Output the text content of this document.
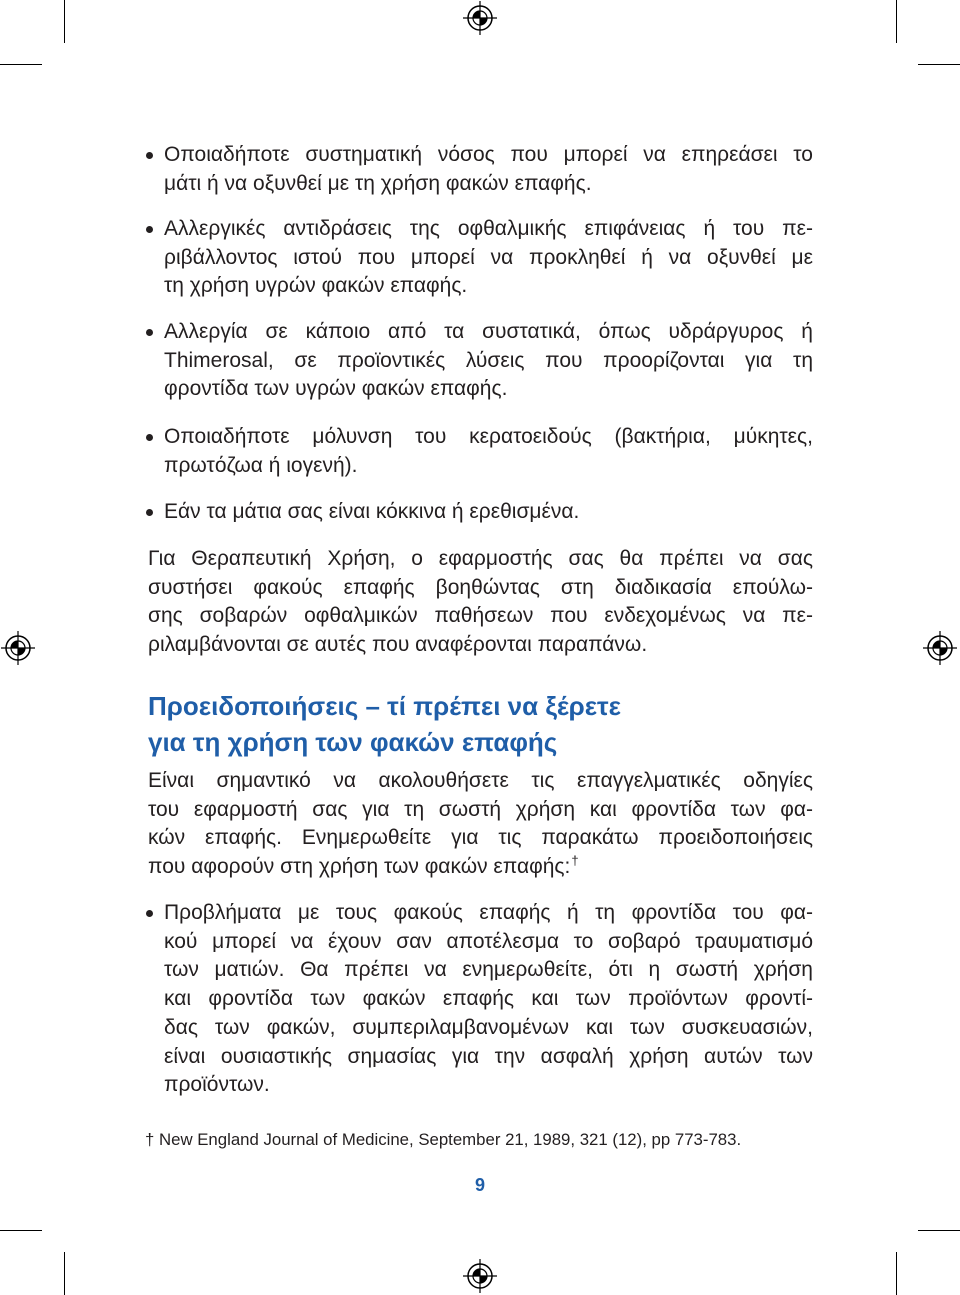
Οποιαδήποτε συστηματική νόσος που μπορεί να επηρεάσει το
μάτι ή να οξυνθεί με τη χρήση φακών επαφής.
Αλλεργικές αντιδράσεις της οφθαλμικής επιφάνειας ή του πε-
ριβάλλοντος ιστού που μπορεί να προκληθεί ή να οξυνθεί με
τη χρήση υγρών φακών επαφής.
Αλλεργία σε κάποιο από τα συστατικά, όπως υδράργυρος ή
Thimerosal, σε προϊοντικές λύσεις που προορίζονται για τη
φροντίδα των υγρών φακών επαφής.
Οποιαδήποτε μόλυνση του κερατοειδούς (βακτήρια, μύκητες,
πρωτόζωα ή ιογενή).
Εάν τα μάτια σας είναι κόκκινα ή ερεθισμένα.
Για Θεραπευτική Χρήση, ο εφαρμοστής σας θα πρέπει να σας
συστήσει φακούς επαφής βοηθώντας στη διαδικασία επούλω-
σης σοβαρών οφθαλμικών παθήσεων που ενδεχομένως να πε-
ριλαμβάνονται σε αυτές που αναφέρονται παραπάνω.
Προειδοποιήσεις – τί πρέπει να ξέρετε
για τη χρήση των φακών επαφής
Είναι σημαντικό να ακολουθήσετε τις επαγγελματικές οδηγίες
του εφαρμοστή σας για τη σωστή χρήση και φροντίδα των φα-
κών επαφής. Ενημερωθείτε για τις παρακάτω προειδοποιήσεις
που αφορούν στη χρήση των φακών επαφής:†
Προβλήματα με τους φακούς επαφής ή τη φροντίδα του φα-
κού μπορεί να έχουν σαν αποτέλεσμα το σοβαρό τραυματισμό
των ματιών. Θα πρέπει να ενημερωθείτε, ότι η σωστή χρήση
και φροντίδα των φακών επαφής και των προϊόντων φροντί-
δας των φακών, συμπεριλαμβανομένων και των συσκευασιών,
είναι ουσιαστικής σημασίας για την ασφαλή χρήση αυτών των
προϊόντων.
† New England Journal of Medicine, September 21, 1989, 321 (12), pp 773-783.
9
